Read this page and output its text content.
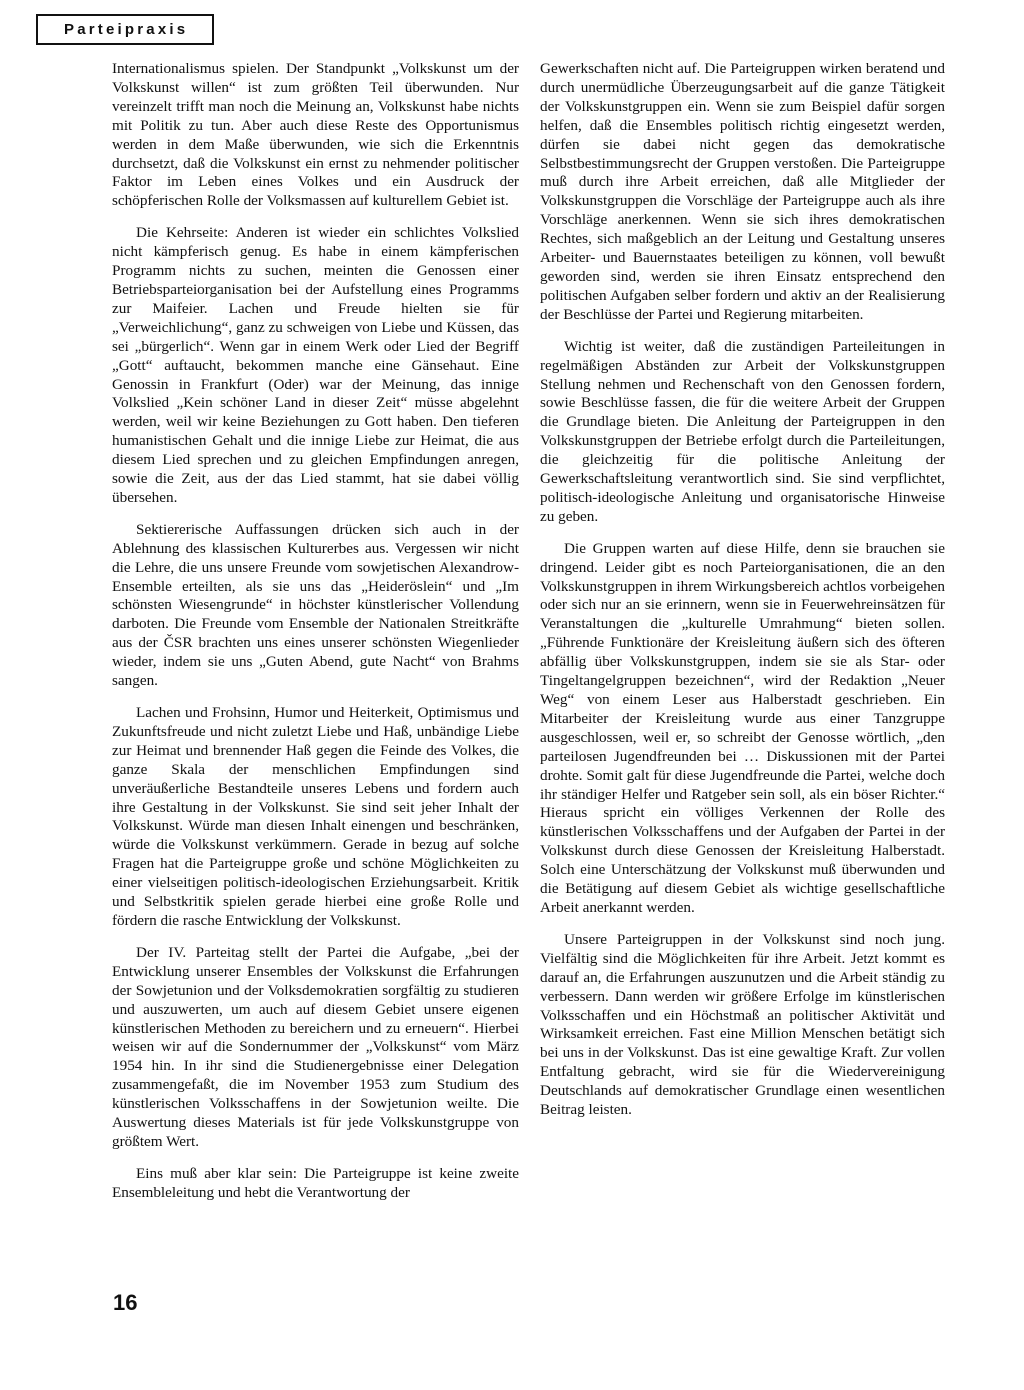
Parteipraxis

Internationalismus spielen. Der Standpunkt „Volkskunst um der Volkskunst willen“ ist zum größten Teil überwunden. Nur vereinzelt trifft man noch die Meinung an, Volkskunst habe nichts mit Politik zu tun. Aber auch diese Reste des Opportunismus werden in dem Maße überwunden, wie sich die Erkenntnis durchsetzt, daß die Volkskunst ein ernst zu nehmender politischer Faktor im Leben eines Volkes und ein Ausdruck der schöpferischen Rolle der Volksmassen auf kulturellem Gebiet ist.

Die Kehrseite: Anderen ist wieder ein schlichtes Volkslied nicht kämpferisch genug. Es habe in einem kämpferischen Programm nichts zu suchen, meinten die Genossen einer Betriebsparteiorganisation bei der Aufstellung eines Programms zur Maifeier. Lachen und Freude hielten sie für „Verweichlichung“, ganz zu schweigen von Liebe und Küssen, das sei „bürgerlich“. Wenn gar in einem Werk oder Lied der Begriff „Gott“ auftaucht, bekommen manche eine Gänsehaut. Eine Genossin in Frankfurt (Oder) war der Meinung, das innige Volkslied „Kein schöner Land in dieser Zeit“ müsse abgelehnt werden, weil wir keine Beziehungen zu Gott haben. Den tieferen humanistischen Gehalt und die innige Liebe zur Heimat, die aus diesem Lied sprechen und zu gleichen Empfindungen anregen, sowie die Zeit, aus der das Lied stammt, hat sie dabei völlig übersehen.

Sektiererische Auffassungen drücken sich auch in der Ablehnung des klassischen Kulturerbes aus. Vergessen wir nicht die Lehre, die uns unsere Freunde vom sowjetischen Alexandrow-Ensemble erteilten, als sie uns das „Heideröslein“ und „Im schönsten Wiesengrunde“ in höchster künstlerischer Vollendung darboten. Die Freunde vom Ensemble der Nationalen Streitkräfte aus der ČSR brachten uns eines unserer schönsten Wiegenlieder wieder, indem sie uns „Guten Abend, gute Nacht“ von Brahms sangen.

Lachen und Frohsinn, Humor und Heiterkeit, Optimismus und Zukunftsfreude und nicht zuletzt Liebe und Haß, unbändige Liebe zur Heimat und brennender Haß gegen die Feinde des Volkes, die ganze Skala der menschlichen Empfindungen sind unveräußerliche Bestandteile unseres Lebens und fordern auch ihre Gestaltung in der Volkskunst. Sie sind seit jeher Inhalt der Volkskunst. Würde man diesen Inhalt einengen und beschränken, würde die Volkskunst verkümmern. Gerade in bezug auf solche Fragen hat die Parteigruppe große und schöne Möglichkeiten zu einer vielseitigen politisch-ideologischen Erziehungsarbeit. Kritik und Selbstkritik spielen gerade hierbei eine große Rolle und fördern die rasche Entwicklung der Volkskunst.

Der IV. Parteitag stellt der Partei die Aufgabe, „bei der Entwicklung unserer Ensembles der Volkskunst die Erfahrungen der Sowjetunion und der Volksdemokratien sorgfältig zu studieren und auszuwerten, um auch auf diesem Gebiet unsere eigenen künstlerischen Methoden zu bereichern und zu erneuern“. Hierbei weisen wir auf die Sondernummer der „Volkskunst“ vom März 1954 hin. In ihr sind die Studienergebnisse einer Delegation zusammengefaßt, die im November 1953 zum Studium des künstlerischen Volksschaffens in der Sowjetunion weilte. Die Auswertung dieses Materials ist für jede Volkskunstgruppe von größtem Wert.

Eins muß aber klar sein: Die Parteigruppe ist keine zweite Ensembleleitung und hebt die Verantwortung der

Gewerkschaften nicht auf. Die Parteigruppen wirken beratend und durch unermüdliche Überzeugungsarbeit auf die ganze Tätigkeit der Volkskunstgruppen ein. Wenn sie zum Beispiel dafür sorgen helfen, daß die Ensembles politisch richtig eingesetzt werden, dürfen sie dabei nicht gegen das demokratische Selbstbestimmungsrecht der Gruppen verstoßen. Die Parteigruppe muß durch ihre Arbeit erreichen, daß alle Mitglieder der Volkskunstgruppen die Vorschläge der Parteigruppe auch als ihre Vorschläge anerkennen. Wenn sie sich ihres demokratischen Rechtes, sich maßgeblich an der Leitung und Gestaltung unseres Arbeiter- und Bauernstaates beteiligen zu können, voll bewußt geworden sind, werden sie ihren Einsatz entsprechend den politischen Aufgaben selber fordern und aktiv an der Realisierung der Beschlüsse der Partei und Regierung mitarbeiten.

Wichtig ist weiter, daß die zuständigen Parteileitungen in regelmäßigen Abständen zur Arbeit der Volkskunstgruppen Stellung nehmen und Rechenschaft von den Genossen fordern, sowie Beschlüsse fassen, die für die weitere Arbeit der Gruppen die Grundlage bieten. Die Anleitung der Parteigruppen in den Volkskunstgruppen der Betriebe erfolgt durch die Parteileitungen, die gleichzeitig für die politische Anleitung der Gewerkschaftsleitung verantwortlich sind. Sie sind verpflichtet, politisch-ideologische Anleitung und organisatorische Hinweise zu geben.

Die Gruppen warten auf diese Hilfe, denn sie brauchen sie dringend. Leider gibt es noch Parteiorganisationen, die an den Volkskunstgruppen in ihrem Wirkungsbereich achtlos vorbeigehen oder sich nur an sie erinnern, wenn sie in Feuerwehreinsätzen für Veranstaltungen die „kulturelle Umrahmung“ bieten sollen. „Führende Funktionäre der Kreisleitung äußern sich des öfteren abfällig über Volkskunstgruppen, indem sie sie als Star- oder Tingeltangelgruppen bezeichnen“, wird der Redaktion „Neuer Weg“ von einem Leser aus Halberstadt geschrieben. Ein Mitarbeiter der Kreisleitung wurde aus einer Tanzgruppe ausgeschlossen, weil er, so schreibt der Genosse wörtlich, „den parteilosen Jugendfreunden bei … Diskussionen mit der Partei drohte. Somit galt für diese Jugendfreunde die Partei, welche doch ihr ständiger Helfer und Ratgeber sein soll, als ein böser Richter.“ Hieraus spricht ein völliges Verkennen der Rolle des künstlerischen Volksschaffens und der Aufgaben der Partei in der Volkskunst durch diese Genossen der Kreisleitung Halberstadt. Solch eine Unterschätzung der Volkskunst muß überwunden und die Betätigung auf diesem Gebiet als wichtige gesellschaftliche Arbeit anerkannt werden.

Unsere Parteigruppen in der Volkskunst sind noch jung. Vielfältig sind die Möglichkeiten für ihre Arbeit. Jetzt kommt es darauf an, die Erfahrungen auszunutzen und die Arbeit ständig zu verbessern. Dann werden wir größere Erfolge im künstlerischen Volksschaffen und ein Höchstmaß an politischer Aktivität und Wirksamkeit erreichen. Fast eine Million Menschen betätigt sich bei uns in der Volkskunst. Das ist eine gewaltige Kraft. Zur vollen Entfaltung gebracht, wird sie für die Wiedervereinigung Deutschlands auf demokratischer Grundlage einen wesentlichen Beitrag leisten.

16
